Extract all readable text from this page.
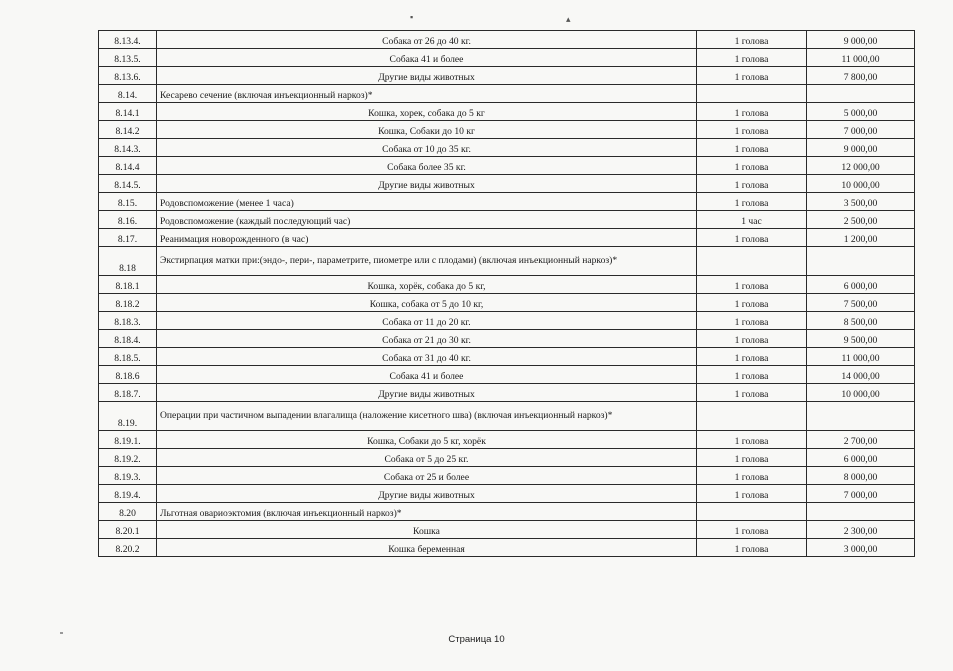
▪	▴
8.13.4.	Собака от 26 до 40 кг.	1 голова	9 000,00
8.13.5.	Собака 41 и более	1 голова	11 000,00
8.13.6.	Другие виды животных	1 голова	7 800,00
8.14.	Кесарево сечение (включая инъекционный наркоз)*		
8.14.1	Кошка, хорек, собака до 5 кг	1 голова	5 000,00
8.14.2	Кошка, Собаки до 10 кг	1 голова	7 000,00
8.14.3.	Собака от 10 до 35 кг.	1 голова	9 000,00
8.14.4	Собака более 35 кг.	1 голова	12 000,00
8.14.5.	Другие виды животных	1 голова	10 000,00
8.15.	Родовспоможение (менее 1 часа)	1 голова	3 500,00
8.16.	Родовспоможение (каждый последующий час)	1 час	2 500,00
8.17.	Реанимация новорожденного (в час)	1 голова	1 200,00
8.18	Экстирпация матки при:(эндо-, пери-, параметрите, пиометре или с плодами) (включая инъекционный наркоз)*		
8.18.1	Кошка, хорёк, собака до 5 кг,	1 голова	6 000,00
8.18.2	Кошка, собака от 5 до 10 кг,	1 голова	7 500,00
8.18.3.	Собака от 11 до 20 кг.	1 голова	8 500,00
8.18.4.	Собака от 21 до 30 кг.	1 голова	9 500,00
8.18.5.	Собака от 31 до 40 кг.	1 голова	11 000,00
8.18.6	Собака 41 и более	1 голова	14 000,00
8.18.7.	Другие виды животных	1 голова	10 000,00
8.19.	Операции при частичном выпадении влагалища (наложение кисетного шва) (включая инъекционный наркоз)*		
8.19.1.	Кошка, Собаки до 5 кг, хорёк	1 голова	2 700,00
8.19.2.	Собака от 5 до 25 кг.	1 голова	6 000,00
8.19.3.	Собака от 25 и более	1 голова	8 000,00
8.19.4.	Другие виды животных	1 голова	7 000,00
8.20	Льготная овариоэктомия (включая инъекционный наркоз)*		
8.20.1	Кошка	1 голова	2 300,00
8.20.2	Кошка беременная	1 голова	3 000,00
Страница 10
